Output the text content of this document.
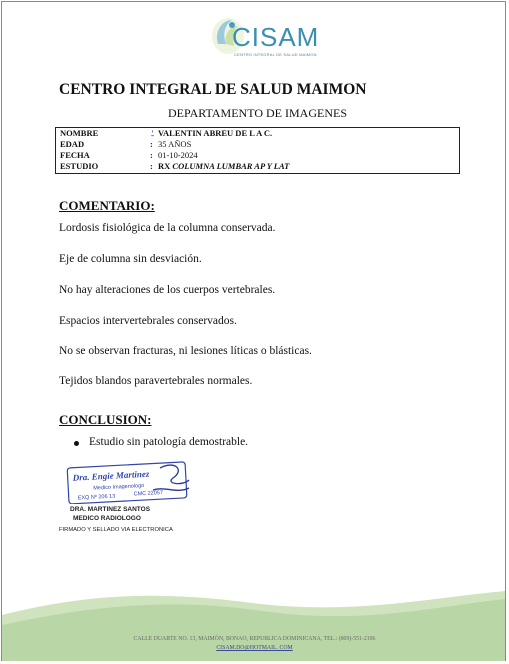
CISAM
CENTRO INTEGRAL DE SALUD MAIMON
CENTRO INTEGRAL DE SALUD MAIMON
DEPARTAMENTO DE IMAGENES
NOMBRE	⍘ VALENTIN ABREU DE L A C.
EDAD	: 35 AÑOS
FECHA	: 01-10-2024
ESTUDIO	: RX COLUMNA LUMBAR AP Y LAT
COMENTARIO:
Lordosis fisiológica de la columna conservada.
Eje de columna sin desviación.
No hay alteraciones de los cuerpos vertebrales.
Espacios intervertebrales conservados.
No se observan fracturas, ni lesiones líticas o blásticas.
Tejidos blandos paravertebrales normales.
CONCLUSION:
Estudio sin patología demostrable.
Dra. Engie Martinez
Medico Imagenologo
EXQ Nº 206 13	CMC 22057
DRA. MARTINEZ SANTOS
MEDICO RADIOLOGO
FIRMADO Y SELLADO VIA ELECTRONICA
CALLE DUARTE NO. 13, MAIMÓN, BONAO, REPUBLICA DOMINICANA, TEL.: (809)-551-2196
CISAM.DO@HOTMAIL. COM
